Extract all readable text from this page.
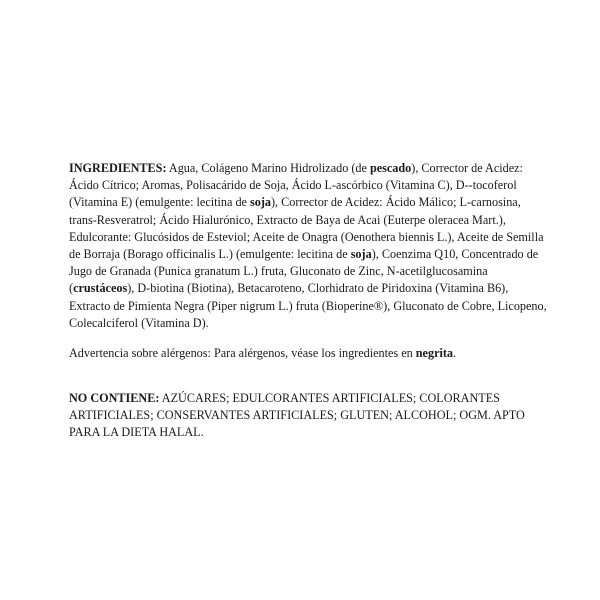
INGREDIENTES: Agua, Colágeno Marino Hidrolizado (de pescado), Corrector de Acidez: Ácido Cítrico; Aromas, Polisacárido de Soja, Ácido L-ascórbico (Vitamina C), D--tocoferol (Vitamina E) (emulgente: lecitina de soja), Corrector de Acidez: Ácido Málico; L-carnosina, trans-Resveratrol; Ácido Hialurónico, Extracto de Baya de Acai (Euterpe oleracea Mart.), Edulcorante: Glucósidos de Esteviol; Aceite de Onagra (Oenothera biennis L.), Aceite de Semilla de Borraja (Borago officinalis L.) (emulgente: lecitina de soja), Coenzima Q10, Concentrado de Jugo de Granada (Punica granatum L.) fruta, Gluconato de Zinc, N-acetilglucosamina (crustáceos), D-biotina (Biotina), Betacaroteno, Clorhidrato de Piridoxina (Vitamina B6), Extracto de Pimienta Negra (Piper nigrum L.) fruta (Bioperine®), Gluconato de Cobre, Licopeno, Colecalciferol (Vitamina D).

Advertencia sobre alérgenos: Para alérgenos, véase los ingredientes en negrita.

NO CONTIENE: AZÚCARES; EDULCORANTES ARTIFICIALES; COLORANTES ARTIFICIALES; CONSERVANTES ARTIFICIALES; GLUTEN; ALCOHOL; OGM. APTO PARA LA DIETA HALAL.
